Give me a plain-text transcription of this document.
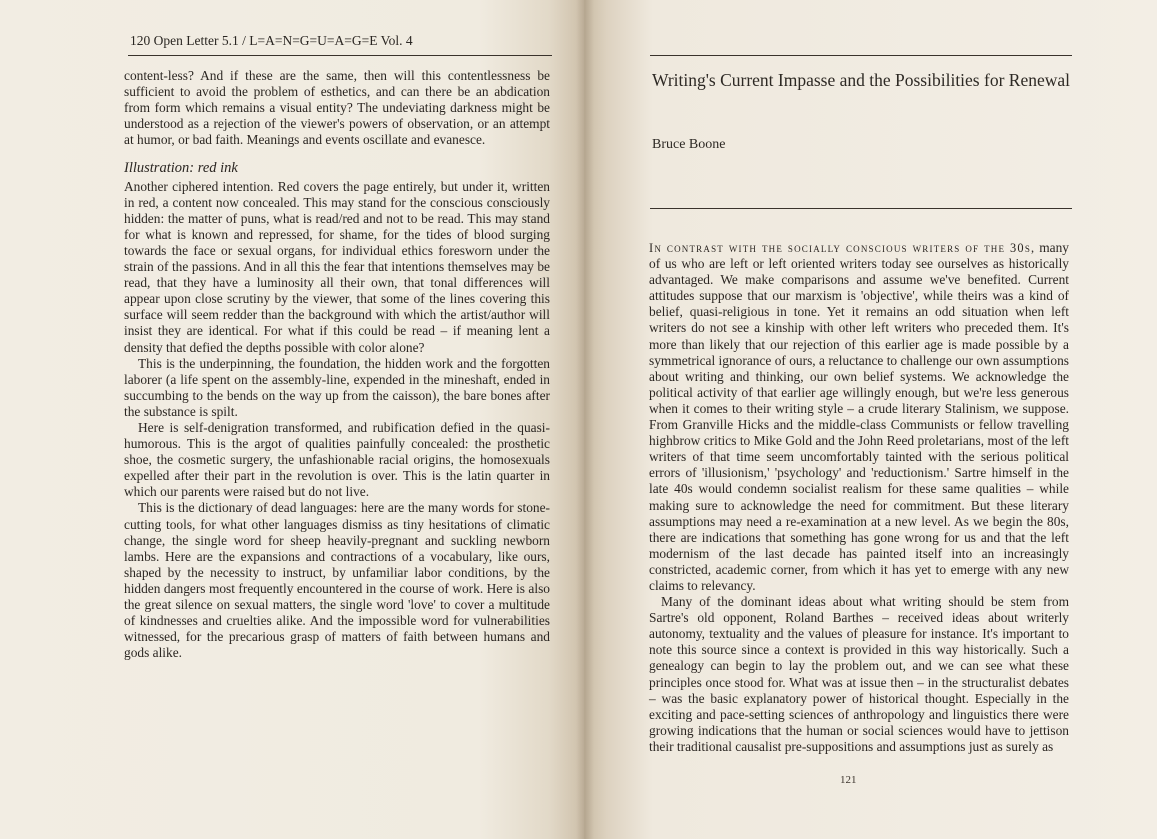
120 Open Letter 5.1 / L=A=N=G=U=A=G=E Vol. 4

content-less? And if these are the same, then will this contentlessness be sufficient to avoid the problem of esthetics, and can there be an abdication from form which remains a visual entity? The undeviating darkness might be understood as a rejection of the viewer's powers of observation, or an attempt at humor, or bad faith. Meanings and events oscillate and evanesce.

Illustration: red ink

Another ciphered intention. Red covers the page entirely, but under it, written in red, a content now concealed. This may stand for the conscious consciously hidden: the matter of puns, what is read/red and not to be read. This may stand for what is known and repressed, for shame, for the tides of blood surging towards the face or sexual organs, for individual ethics foresworn under the strain of the passions. And in all this the fear that intentions themselves may be read, that they have a luminosity all their own, that tonal differences will appear upon close scrutiny by the viewer, that some of the lines covering this surface will seem redder than the background with which the artist/author will insist they are identical. For what if this could be read – if meaning lent a density that defied the depths possible with color alone?

This is the underpinning, the foundation, the hidden work and the forgotten laborer (a life spent on the assembly-line, expended in the mineshaft, ended in succumbing to the bends on the way up from the caisson), the bare bones after the substance is spilt.

Here is self-denigration transformed, and rubification defied in the quasi-humorous. This is the argot of qualities painfully concealed: the prosthetic shoe, the cosmetic surgery, the unfashionable racial origins, the homosexuals expelled after their part in the revolution is over. This is the latin quarter in which our parents were raised but do not live.

This is the dictionary of dead languages: here are the many words for stone-cutting tools, for what other languages dismiss as tiny hesitations of climatic change, the single word for sheep heavily-pregnant and suckling newborn lambs. Here are the expansions and contractions of a vocabulary, like ours, shaped by the necessity to instruct, by unfamiliar labor conditions, by the hidden dangers most frequently encountered in the course of work. Here is also the great silence on sexual matters, the single word 'love' to cover a multitude of kindnesses and cruelties alike. And the impossible word for vulnerabilities witnessed, for the precarious grasp of matters of faith between humans and gods alike.

Writing's Current Impasse and the Possibilities for Renewal
Bruce Boone

In contrast with the socially conscious writers of the 30s, many of us who are left or left oriented writers today see ourselves as historically advantaged. We make comparisons and assume we've benefited. Current attitudes suppose that our marxism is 'objective', while theirs was a kind of belief, quasi-religious in tone. Yet it remains an odd situation when left writers do not see a kinship with other left writers who preceded them. It's more than likely that our rejection of this earlier age is made possible by a symmetrical ignorance of ours, a reluctance to challenge our own assumptions about writing and thinking, our own belief systems. We acknowledge the political activity of that earlier age willingly enough, but we're less generous when it comes to their writing style – a crude literary Stalinism, we suppose. From Granville Hicks and the middle-class Communists or fellow travelling highbrow critics to Mike Gold and the John Reed proletarians, most of the left writers of that time seem uncomfortably tainted with the serious political errors of 'illusionism,' 'psychology' and 'reductionism.' Sartre himself in the late 40s would condemn socialist realism for these same qualities – while making sure to acknowledge the need for commitment. But these literary assumptions may need a re-examination at a new level. As we begin the 80s, there are indications that something has gone wrong for us and that the left modernism of the last decade has painted itself into an increasingly constricted, academic corner, from which it has yet to emerge with any new claims to relevancy.

Many of the dominant ideas about what writing should be stem from Sartre's old opponent, Roland Barthes – received ideas about writerly autonomy, textuality and the values of pleasure for instance. It's important to note this source since a context is provided in this way historically. Such a genealogy can begin to lay the problem out, and we can see what these principles once stood for. What was at issue then – in the structuralist debates – was the basic explanatory power of historical thought. Especially in the exciting and pace-setting sciences of anthropology and linguistics there were growing indications that the human or social sciences would have to jettison their traditional causalist pre-suppositions and assumptions just as surely as

121
